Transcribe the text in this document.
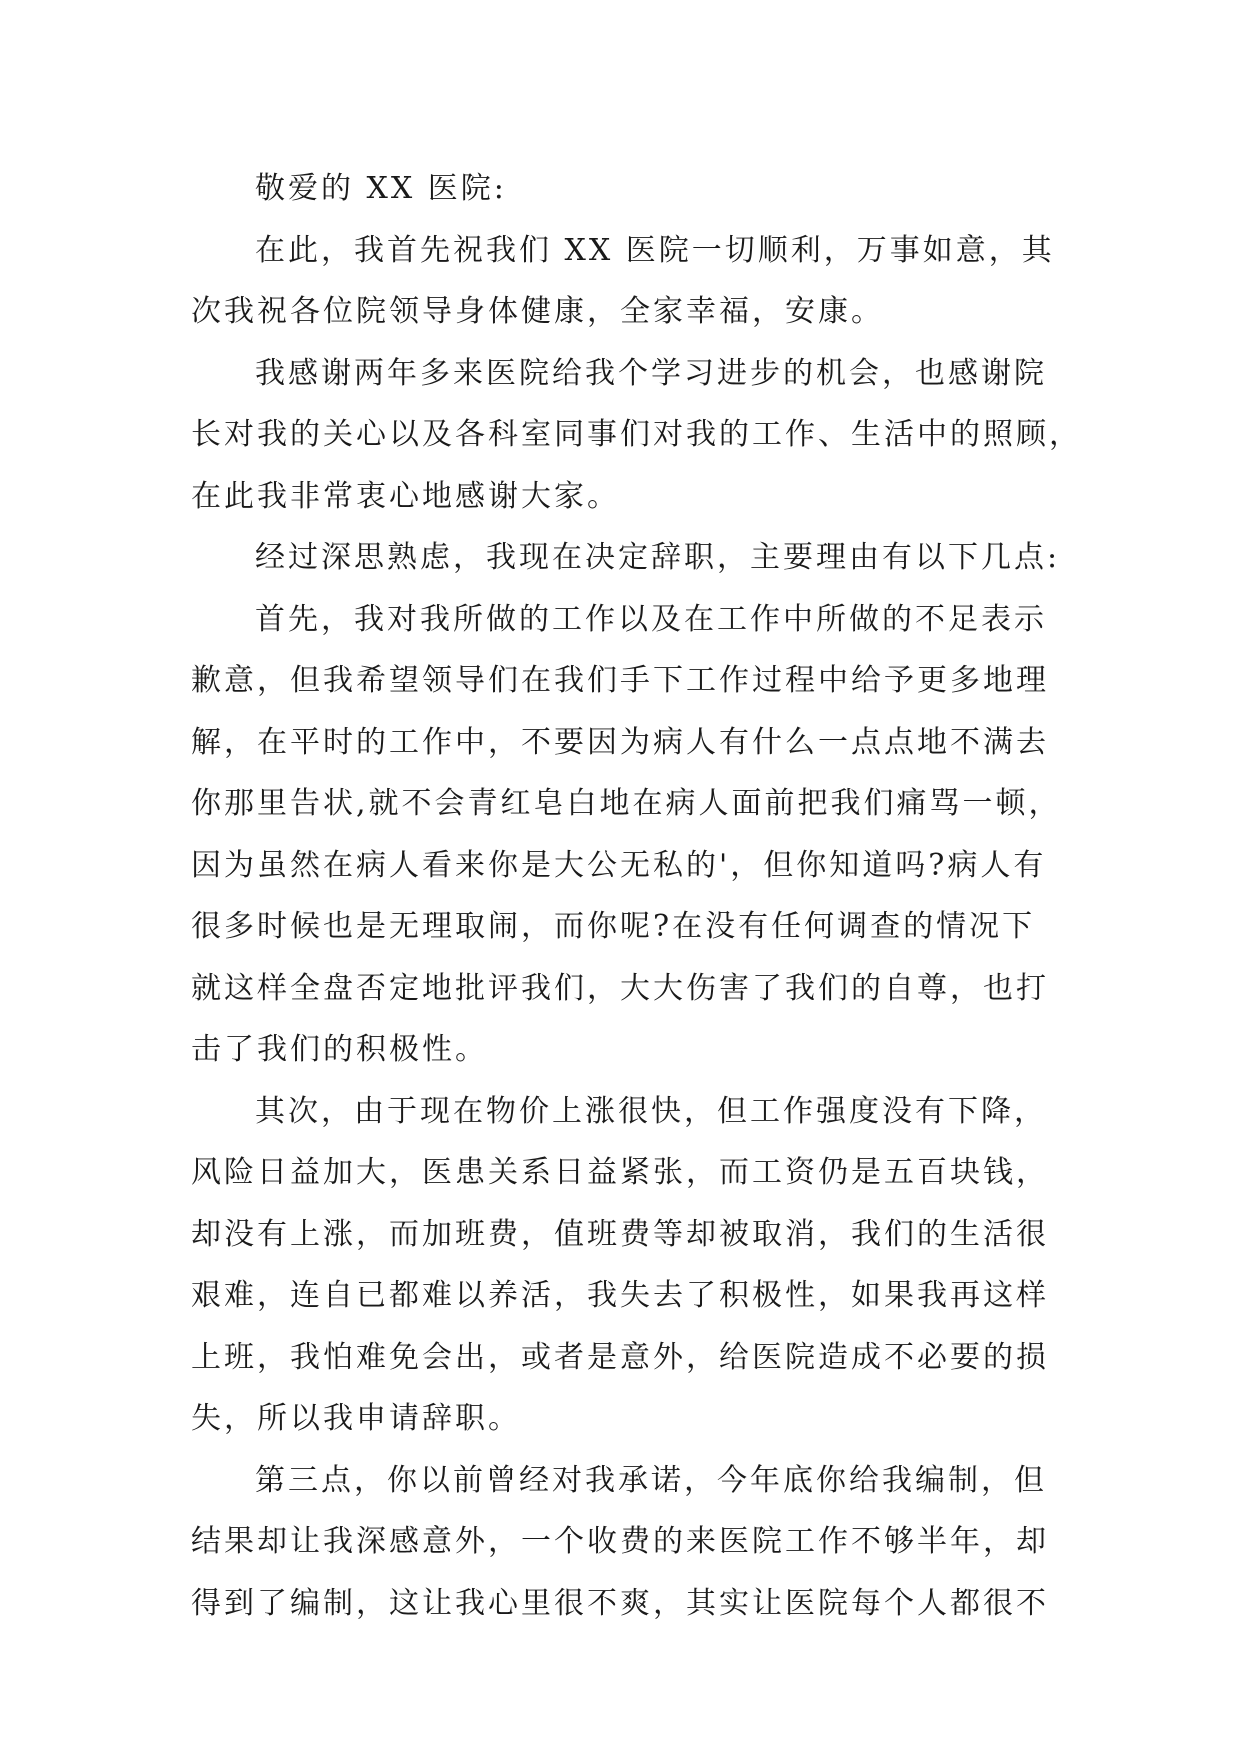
敬爱的 XX 医院:

在此，我首先祝我们 XX 医院一切顺利，万事如意，其
次我祝各位院领导身体健康，全家幸福，安康。

我感谢两年多来医院给我个学习进步的机会，也感谢院
长对我的关心以及各科室同事们对我的工作、生活中的照顾，
在此我非常衷心地感谢大家。

经过深思熟虑，我现在决定辞职，主要理由有以下几点:

首先，我对我所做的工作以及在工作中所做的不足表示
歉意，但我希望领导们在我们手下工作过程中给予更多地理
解，在平时的工作中，不要因为病人有什么一点点地不满去
你那里告状,就不会青红皂白地在病人面前把我们痛骂一顿，
因为虽然在病人看来你是大公无私的'，但你知道吗?病人有
很多时候也是无理取闹，而你呢?在没有任何调查的情况下
就这样全盘否定地批评我们，大大伤害了我们的自尊，也打
击了我们的积极性。

其次，由于现在物价上涨很快，但工作强度没有下降，
风险日益加大，医患关系日益紧张，而工资仍是五百块钱，
却没有上涨，而加班费，值班费等却被取消，我们的生活很
艰难，连自已都难以养活，我失去了积极性，如果我再这样
上班，我怕难免会出，或者是意外，给医院造成不必要的损
失，所以我申请辞职。

第三点，你以前曾经对我承诺，今年底你给我编制，但
结果却让我深感意外，一个收费的来医院工作不够半年，却
得到了编制，这让我心里很不爽，其实让医院每个人都很不
